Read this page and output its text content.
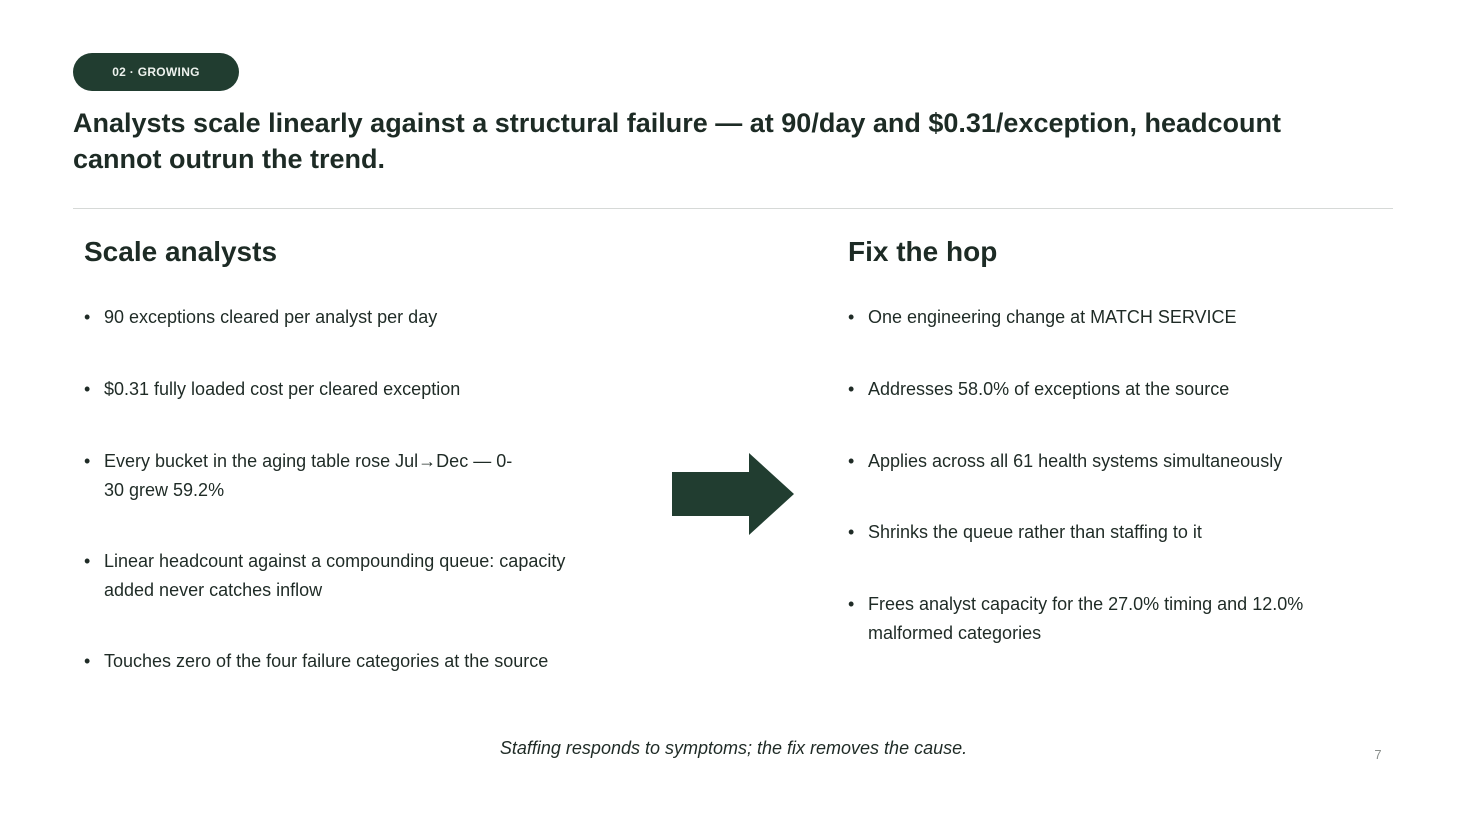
02 · GROWING
Analysts scale linearly against a structural failure — at 90/day and $0.31/exception, headcount cannot outrun the trend.
Scale analysts
• 90 exceptions cleared per analyst per day
• $0.31 fully loaded cost per cleared exception
• Every bucket in the aging table rose Jul→Dec — 0-30 grew 59.2%
• Linear headcount against a compounding queue: capacity added never catches inflow
• Touches zero of the four failure categories at the source
Fix the hop
• One engineering change at MATCH SERVICE
• Addresses 58.0% of exceptions at the source
• Applies across all 61 health systems simultaneously
• Shrinks the queue rather than staffing to it
• Frees analyst capacity for the 27.0% timing and 12.0% malformed categories
Staffing responds to symptoms; the fix removes the cause.	7
